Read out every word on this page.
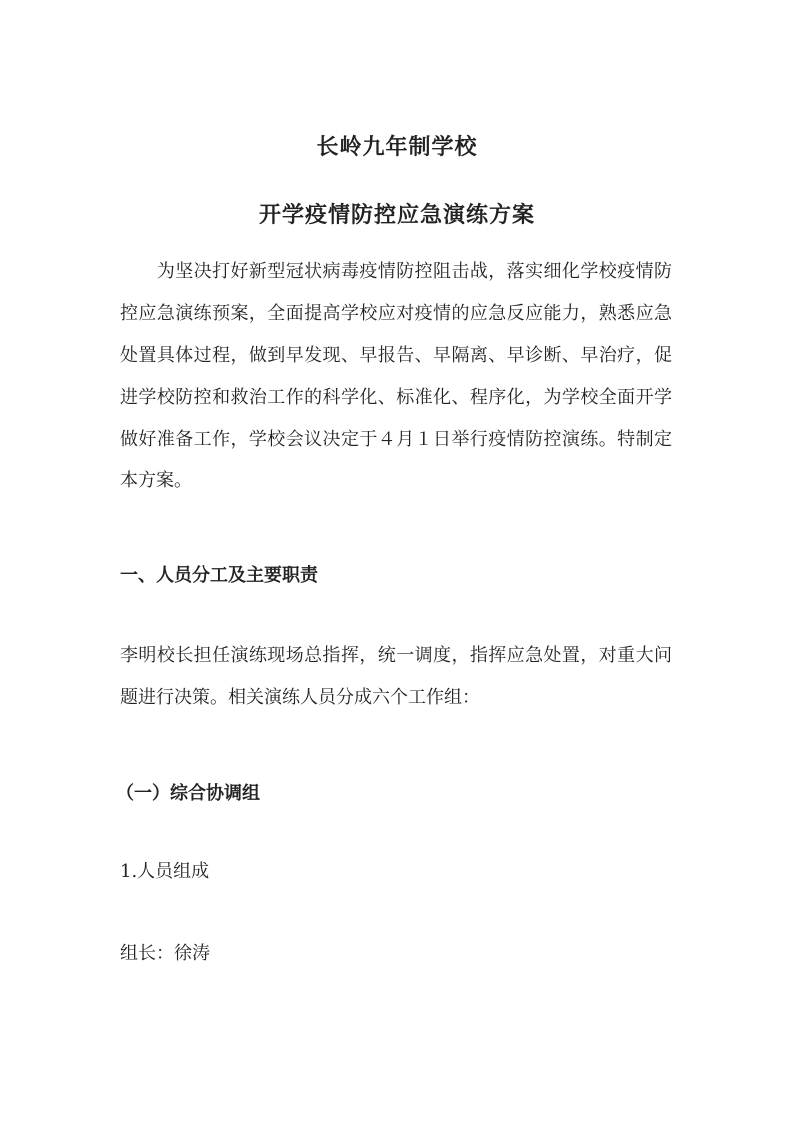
长岭九年制学校
开学疫情防控应急演练方案
　　为坚决打好新型冠状病毒疫情防控阻击战，落实细化学校疫情防
控应急演练预案，全面提高学校应对疫情的应急反应能力，熟悉应急
处置具体过程，做到早发现、早报告、早隔离、早诊断、早治疗，促
进学校防控和救治工作的科学化、标准化、程序化，为学校全面开学
做好准备工作，学校会议决定于４月１日举行疫情防控演练。特制定
本方案。
一、人员分工及主要职责
李明校长担任演练现场总指挥，统一调度，指挥应急处置，对重大问
题进行决策。相关演练人员分成六个工作组：
（一）综合协调组
1.人员组成
组长：徐涛
